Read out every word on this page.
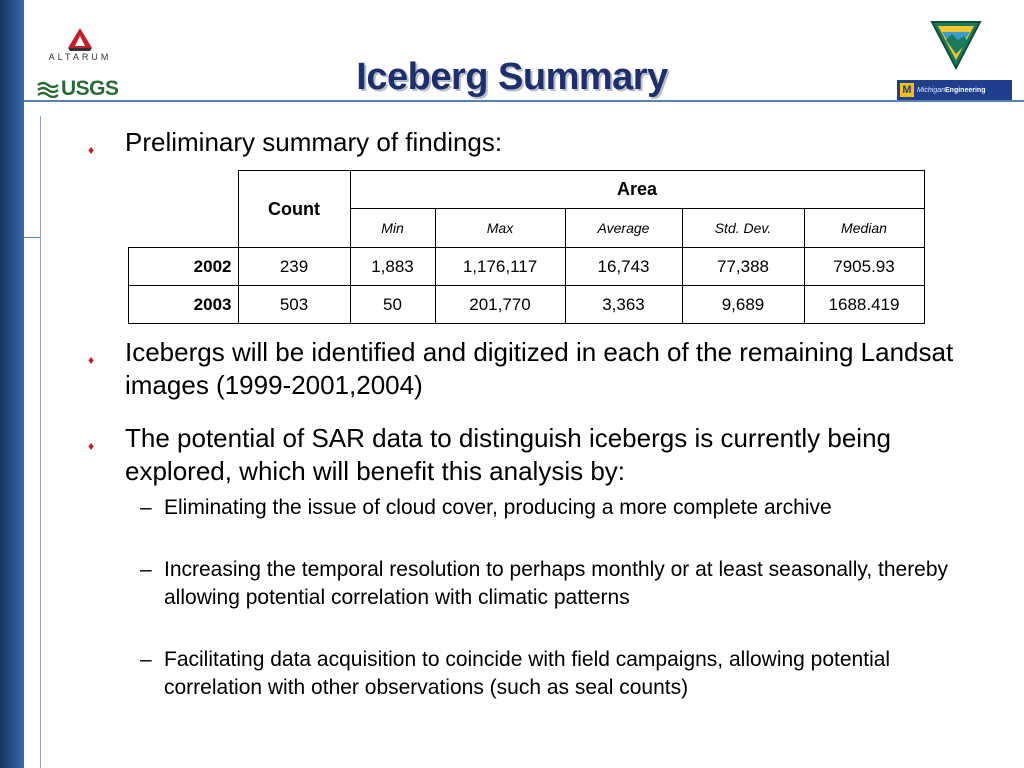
ALTARUM
USGS	M MichiganEngineering
Iceberg Summary
♦ Preliminary summary of findings:
	Count	Area				
		Min	Max	Average	Std. Dev.	Median
2002	239	1,883	1,176,117	16,743	77,388	7905.93
2003	503	50	201,770	3,363	9,689	1688.419
♦ Icebergs will be identified and digitized in each of the remaining Landsat images (1999-2001,2004)
♦ The potential of SAR data to distinguish icebergs is currently being explored, which will benefit this analysis by:
– Eliminating the issue of cloud cover, producing a more complete archive
– Increasing the temporal resolution to perhaps monthly or at least seasonally, thereby allowing potential correlation with climatic patterns
– Facilitating data acquisition to coincide with field campaigns, allowing potential correlation with other observations (such as seal counts)
